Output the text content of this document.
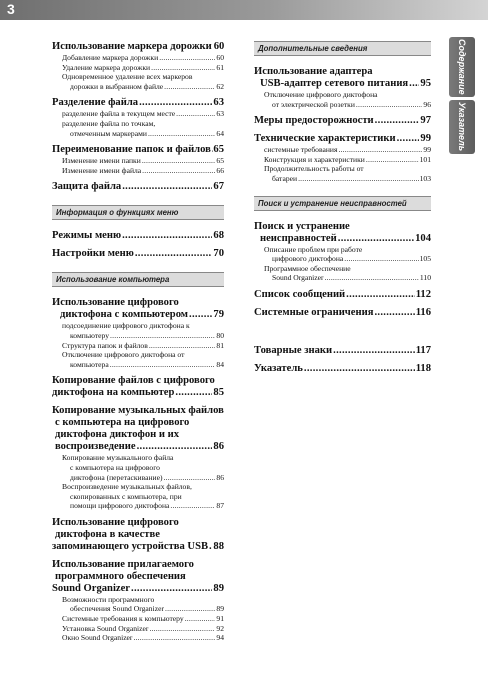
3
Содержание
Указатель
Использование маркера дорожки 60
Добавление маркера дорожки .....	60
Удаление маркера дорожки .....	61
Одновременное удаление всех маркеров
дорожки в выбранном файле .....	62
Разделение файла .....	63
разделение файла в текущем месте .....	63
разделение файла по точкам,
отмеченным маркерами .....	64
Переименование папок и файлов ..... 65
Изменение имени папки .....	65
Изменение имени файла .....	66
Защита файла .....	67
Информация о функциях меню
Режимы меню .....	68
Настройки меню .....	70
Использование компьютера
Использование цифрового
диктофона с компьютером ..... 79
подсоединение цифрового диктофона к
компьютеру .....	80
Структура папок и файлов .....	81
Отключение цифрового диктофона от
компьютера .....	84
Копирование файлов с цифрового
диктофона на компьютер .....	85
Копирование музыкальных файлов
с компьютера на цифрового
диктофона диктофон и их
воспроизведение .....	86
Копирование музыкального файла
с компьютера на цифрового
диктофона (перетаскивание) .....	86
Воспроизведение музыкальных файлов,
скопированных с компьютера, при
помощи цифрового диктофона .....	87
Использование цифрового
диктофона в качестве
запоминающего устройства USB ..... 88
Использование прилагаемого
программного обеспечения
Sound Organizer .....	89
Возможности программного
обеспечения Sound Organizer .....	89
Системные требования к компьютеру .....	91
Установка Sound Organizer .....	92
Окно Sound Organizer .....	94
Дополнительные сведения
Использование адаптера
USB-адаптер сетевого питания ..... 95
Отключение цифрового диктофона
от электрической розетки .....	96
Меры предосторожности .....	97
Технические характеристики ..... 99
системные требования .....	99
Конструкция и характеристики .....	101
Продолжительность работы от
батареи .....	103
Поиск и устранение неисправностей
Поиск и устранение
неисправностей .....	104
Описание проблем при работе
цифрового диктофона .....	105
Программное обеспечение
Sound Organizer .....	110
Список сообщений .....	112
Системные ограничения .....	116
Товарные знаки .....	117
Указатель .....	118
